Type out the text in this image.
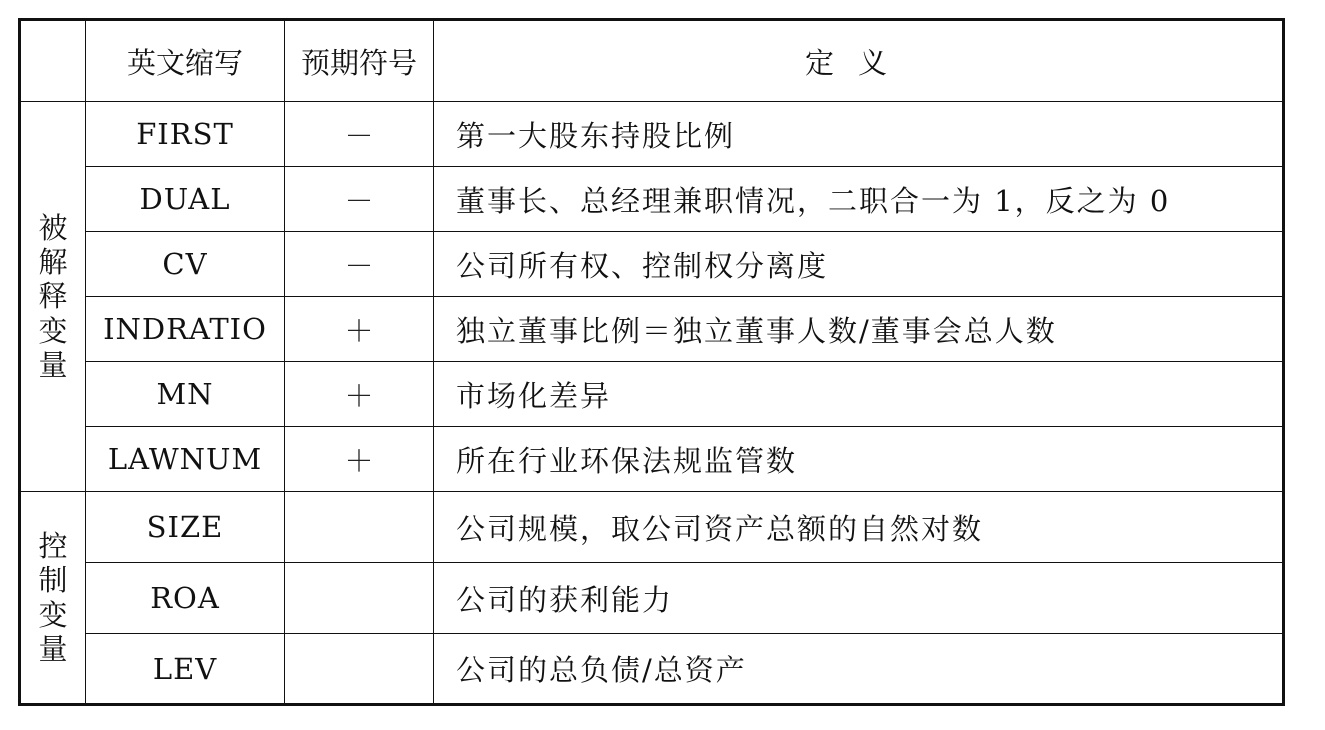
	英文缩写	预期符号	定义
被解释变量	FIRST	－	第一大股东持股比例
	DUAL	－	董事长、总经理兼职情况，二职合一为 1，反之为 0
	CV	－	公司所有权、控制权分离度
	INDRATIO	＋	独立董事比例＝独立董事人数/董事会总人数
	MN	＋	市场化差异
	LAWNUM	＋	所在行业环保法规监管数
控制变量	SIZE		公司规模，取公司资产总额的自然对数
	ROA		公司的获利能力
	LEV		公司的总负债/总资产
